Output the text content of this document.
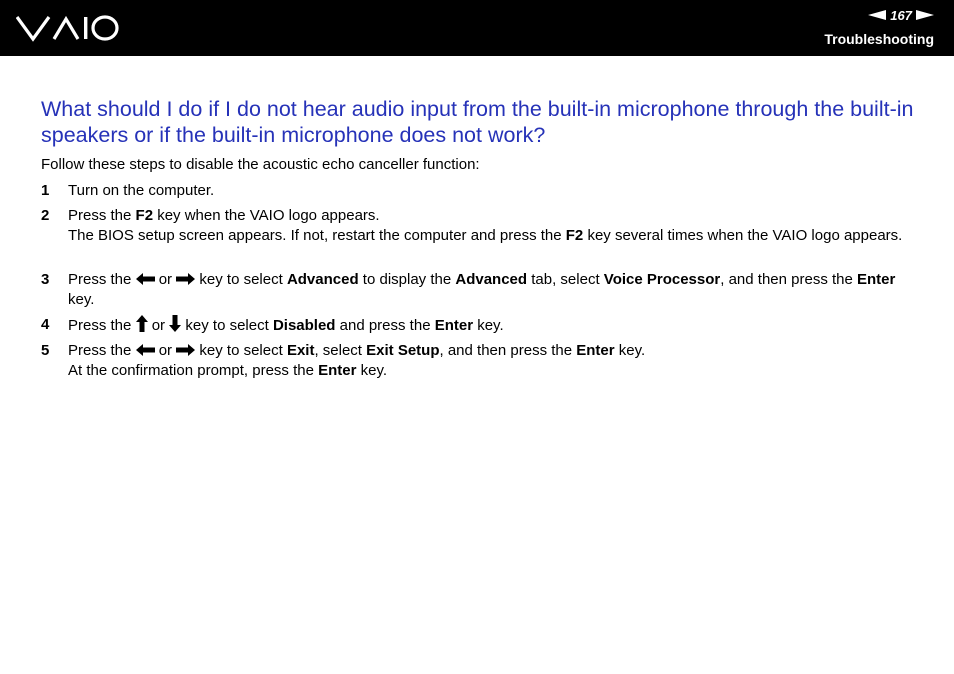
167
Troubleshooting
What should I do if I do not hear audio input from the built-in microphone through the built-in speakers or if the built-in microphone does not work?

Follow these steps to disable the acoustic echo canceller function:

1 Turn on the computer.
2 Press the F2 key when the VAIO logo appears.
The BIOS setup screen appears. If not, restart the computer and press the F2 key several times when the VAIO logo appears.
3 Press the  or  key to select Advanced to display the Advanced tab, select Voice Processor, and then press the Enter key.
4 Press the  or  key to select Disabled and press the Enter key.
5 Press the  or  key to select Exit, select Exit Setup, and then press the Enter key.
At the confirmation prompt, press the Enter key.
